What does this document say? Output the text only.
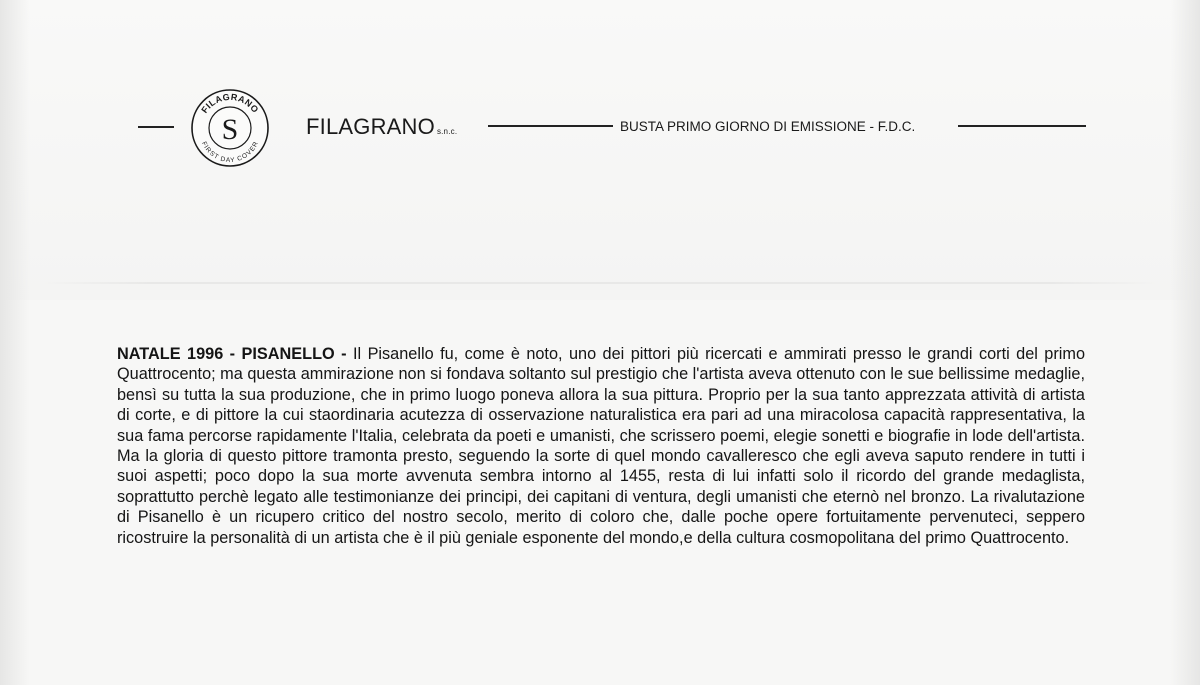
FILAGRANO
FIRST DAY COVER
S	FILAGRANO s.n.c.	BUSTA PRIMO GIORNO DI EMISSIONE - F.D.C.
NATALE 1996 - PISANELLO - Il Pisanello fu, come è noto, uno dei pittori più ricercati e ammirati presso le grandi corti del primo Quattrocento; ma questa ammirazione non si fondava soltanto sul prestigio che l'artista aveva ottenuto con le sue bellissime medaglie, bensì su tutta la sua produzione, che in primo luogo poneva allora la sua pittura. Proprio per la sua tanto apprezzata attività di artista di corte, e di pittore la cui staordinaria acutezza di osservazione naturalistica era pari ad una miracolosa capacità rappresentativa, la sua fama percorse rapidamente l'Italia, celebrata da poeti e umanisti, che scrissero poemi, elegie sonetti e biografie in lode dell'artista. Ma la gloria di questo pittore tramonta presto, seguendo la sorte di quel mondo cavalleresco che egli aveva saputo rendere in tutti i suoi aspetti; poco dopo la sua morte avvenuta sembra intorno al 1455, resta di lui infatti solo il ricordo del grande medaglista, soprattutto perchè legato alle testimonianze dei principi, dei capitani di ventura, degli umanisti che eternò nel bronzo. La rivalutazione di Pisanello è un ricupero critico del nostro secolo, merito di coloro che, dalle poche opere fortuitamente pervenuteci, seppero ricostruire la personalità di un artista che è il più geniale esponente del mondo,e della cultura cosmopolitana del primo Quattrocento.
